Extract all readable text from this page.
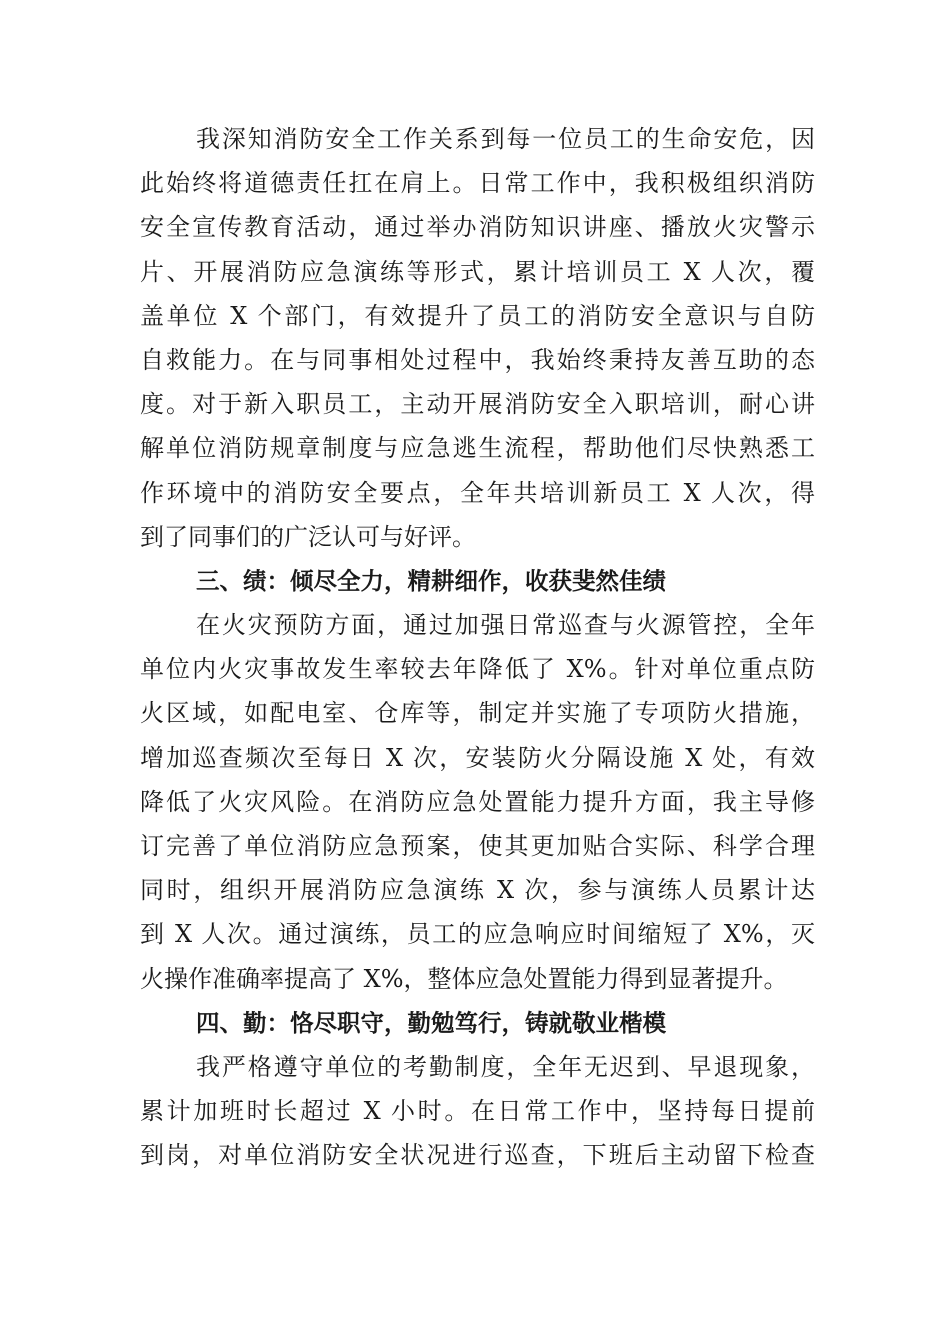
我深知消防安全工作关系到每一位员工的生命安危，因
此始终将道德责任扛在肩上。日常工作中，我积极组织消防
安全宣传教育活动，通过举办消防知识讲座、播放火灾警示
片、开展消防应急演练等形式，累计培训员工 X 人次，覆
盖单位 X 个部门，有效提升了员工的消防安全意识与自防
自救能力。在与同事相处过程中，我始终秉持友善互助的态
度。对于新入职员工，主动开展消防安全入职培训，耐心讲
解单位消防规章制度与应急逃生流程，帮助他们尽快熟悉工
作环境中的消防安全要点，全年共培训新员工 X 人次，得
到了同事们的广泛认可与好评。
三、绩：倾尽全力，精耕细作，收获斐然佳绩
在火灾预防方面，通过加强日常巡查与火源管控，全年
单位内火灾事故发生率较去年降低了 X%。针对单位重点防
火区域，如配电室、仓库等，制定并实施了专项防火措施，
增加巡查频次至每日 X 次，安装防火分隔设施 X 处，有效
降低了火灾风险。在消防应急处置能力提升方面，我主导修
订完善了单位消防应急预案，使其更加贴合实际、科学合理
同时，组织开展消防应急演练 X 次，参与演练人员累计达
到 X 人次。通过演练，员工的应急响应时间缩短了 X%，灭
火操作准确率提高了 X%，整体应急处置能力得到显著提升。
四、勤：恪尽职守，勤勉笃行，铸就敬业楷模
我严格遵守单位的考勤制度，全年无迟到、早退现象，
累计加班时长超过 X 小时。在日常工作中，坚持每日提前
到岗，对单位消防安全状况进行巡查，下班后主动留下检查
